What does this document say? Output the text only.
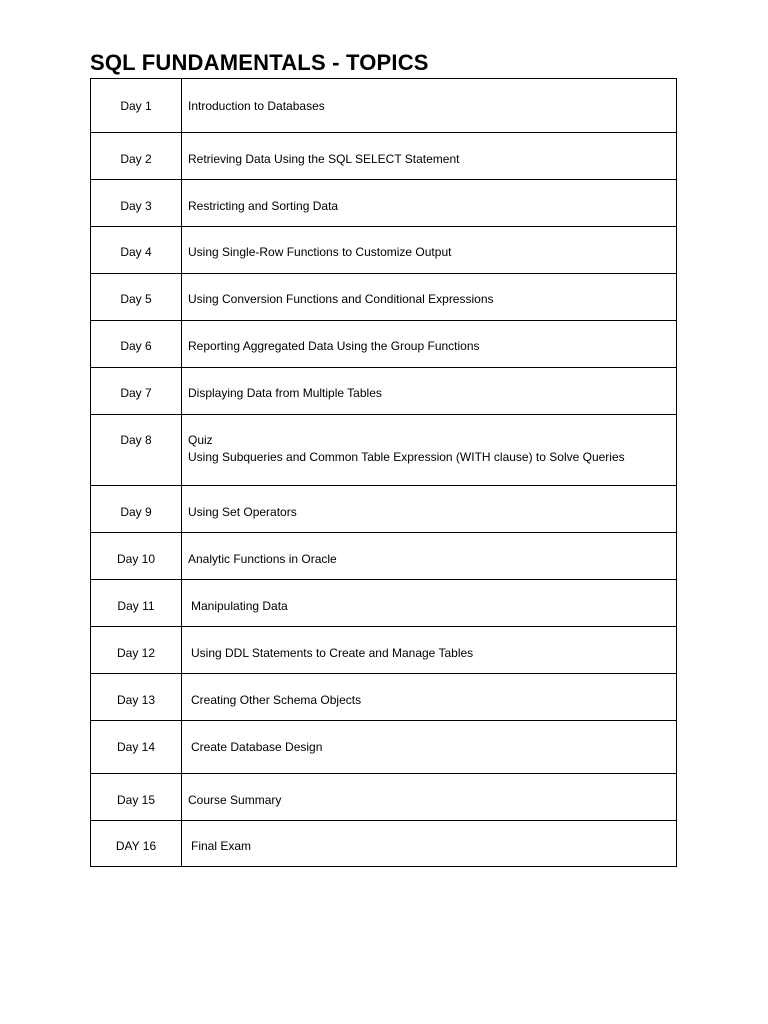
SQL FUNDAMENTALS - TOPICS
Day 1	Introduction to Databases

Day 2	Retrieving Data Using the SQL SELECT Statement

Day 3	Restricting and Sorting Data

Day 4	Using Single-Row Functions to Customize Output

Day 5	Using Conversion Functions and Conditional Expressions

Day 6	Reporting Aggregated Data Using the Group Functions

Day 7	Displaying Data from Multiple Tables

Day 8	Quiz
Using Subqueries and Common Table Expression (WITH clause) to Solve Queries

Day 9	Using Set Operators

Day 10	Analytic Functions in Oracle

Day 11	Manipulating Data

Day 12	Using DDL Statements to Create and Manage Tables

Day 13	Creating Other Schema Objects

Day 14	Create Database Design

Day 15	Course Summary

DAY 16	Final Exam
